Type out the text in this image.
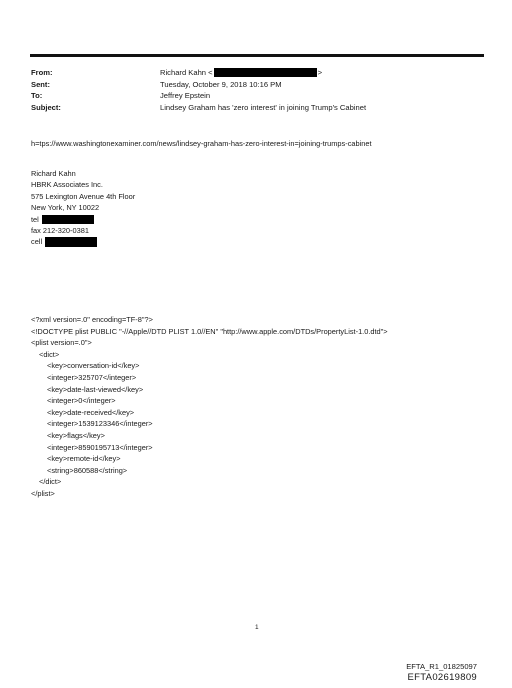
From:	Richard Kahn <	>
Sent:	Tuesday, October 9, 2018 10:16 PM
To:	Jeffrey Epstein
Subject:	Lindsey Graham has 'zero interest' in joining Trump's Cabinet
h=tps://www.washingtonexaminer.com/news/lindsey-graham-has-zero-interest-in=joining-trumps-cabinet
Richard Kahn
HBRK Associates Inc.
575 Lexington Avenue 4th Floor
New York, NY 10022
tel
fax 212-320-0381
cell
<?xml version=.0" encoding=TF-8"?>
<!DOCTYPE plist PUBLIC "-//Apple//DTD PLIST 1.0//EN" "http://www.apple.com/DTDs/PropertyList-1.0.dtd">
<plist version=.0">
<dict>
<key>conversation-id</key>
<integer>325707</integer>
<key>date-last-viewed</key>
<integer>0</integer>
<key>date-received</key>
<integer>1539123346</integer>
<key>flags</key>
<integer>8590195713</integer>
<key>remote-id</key>
<string>860588</string>
</dict>
</plist>
1
EFTA_R1_01825097
EFTA02619809
